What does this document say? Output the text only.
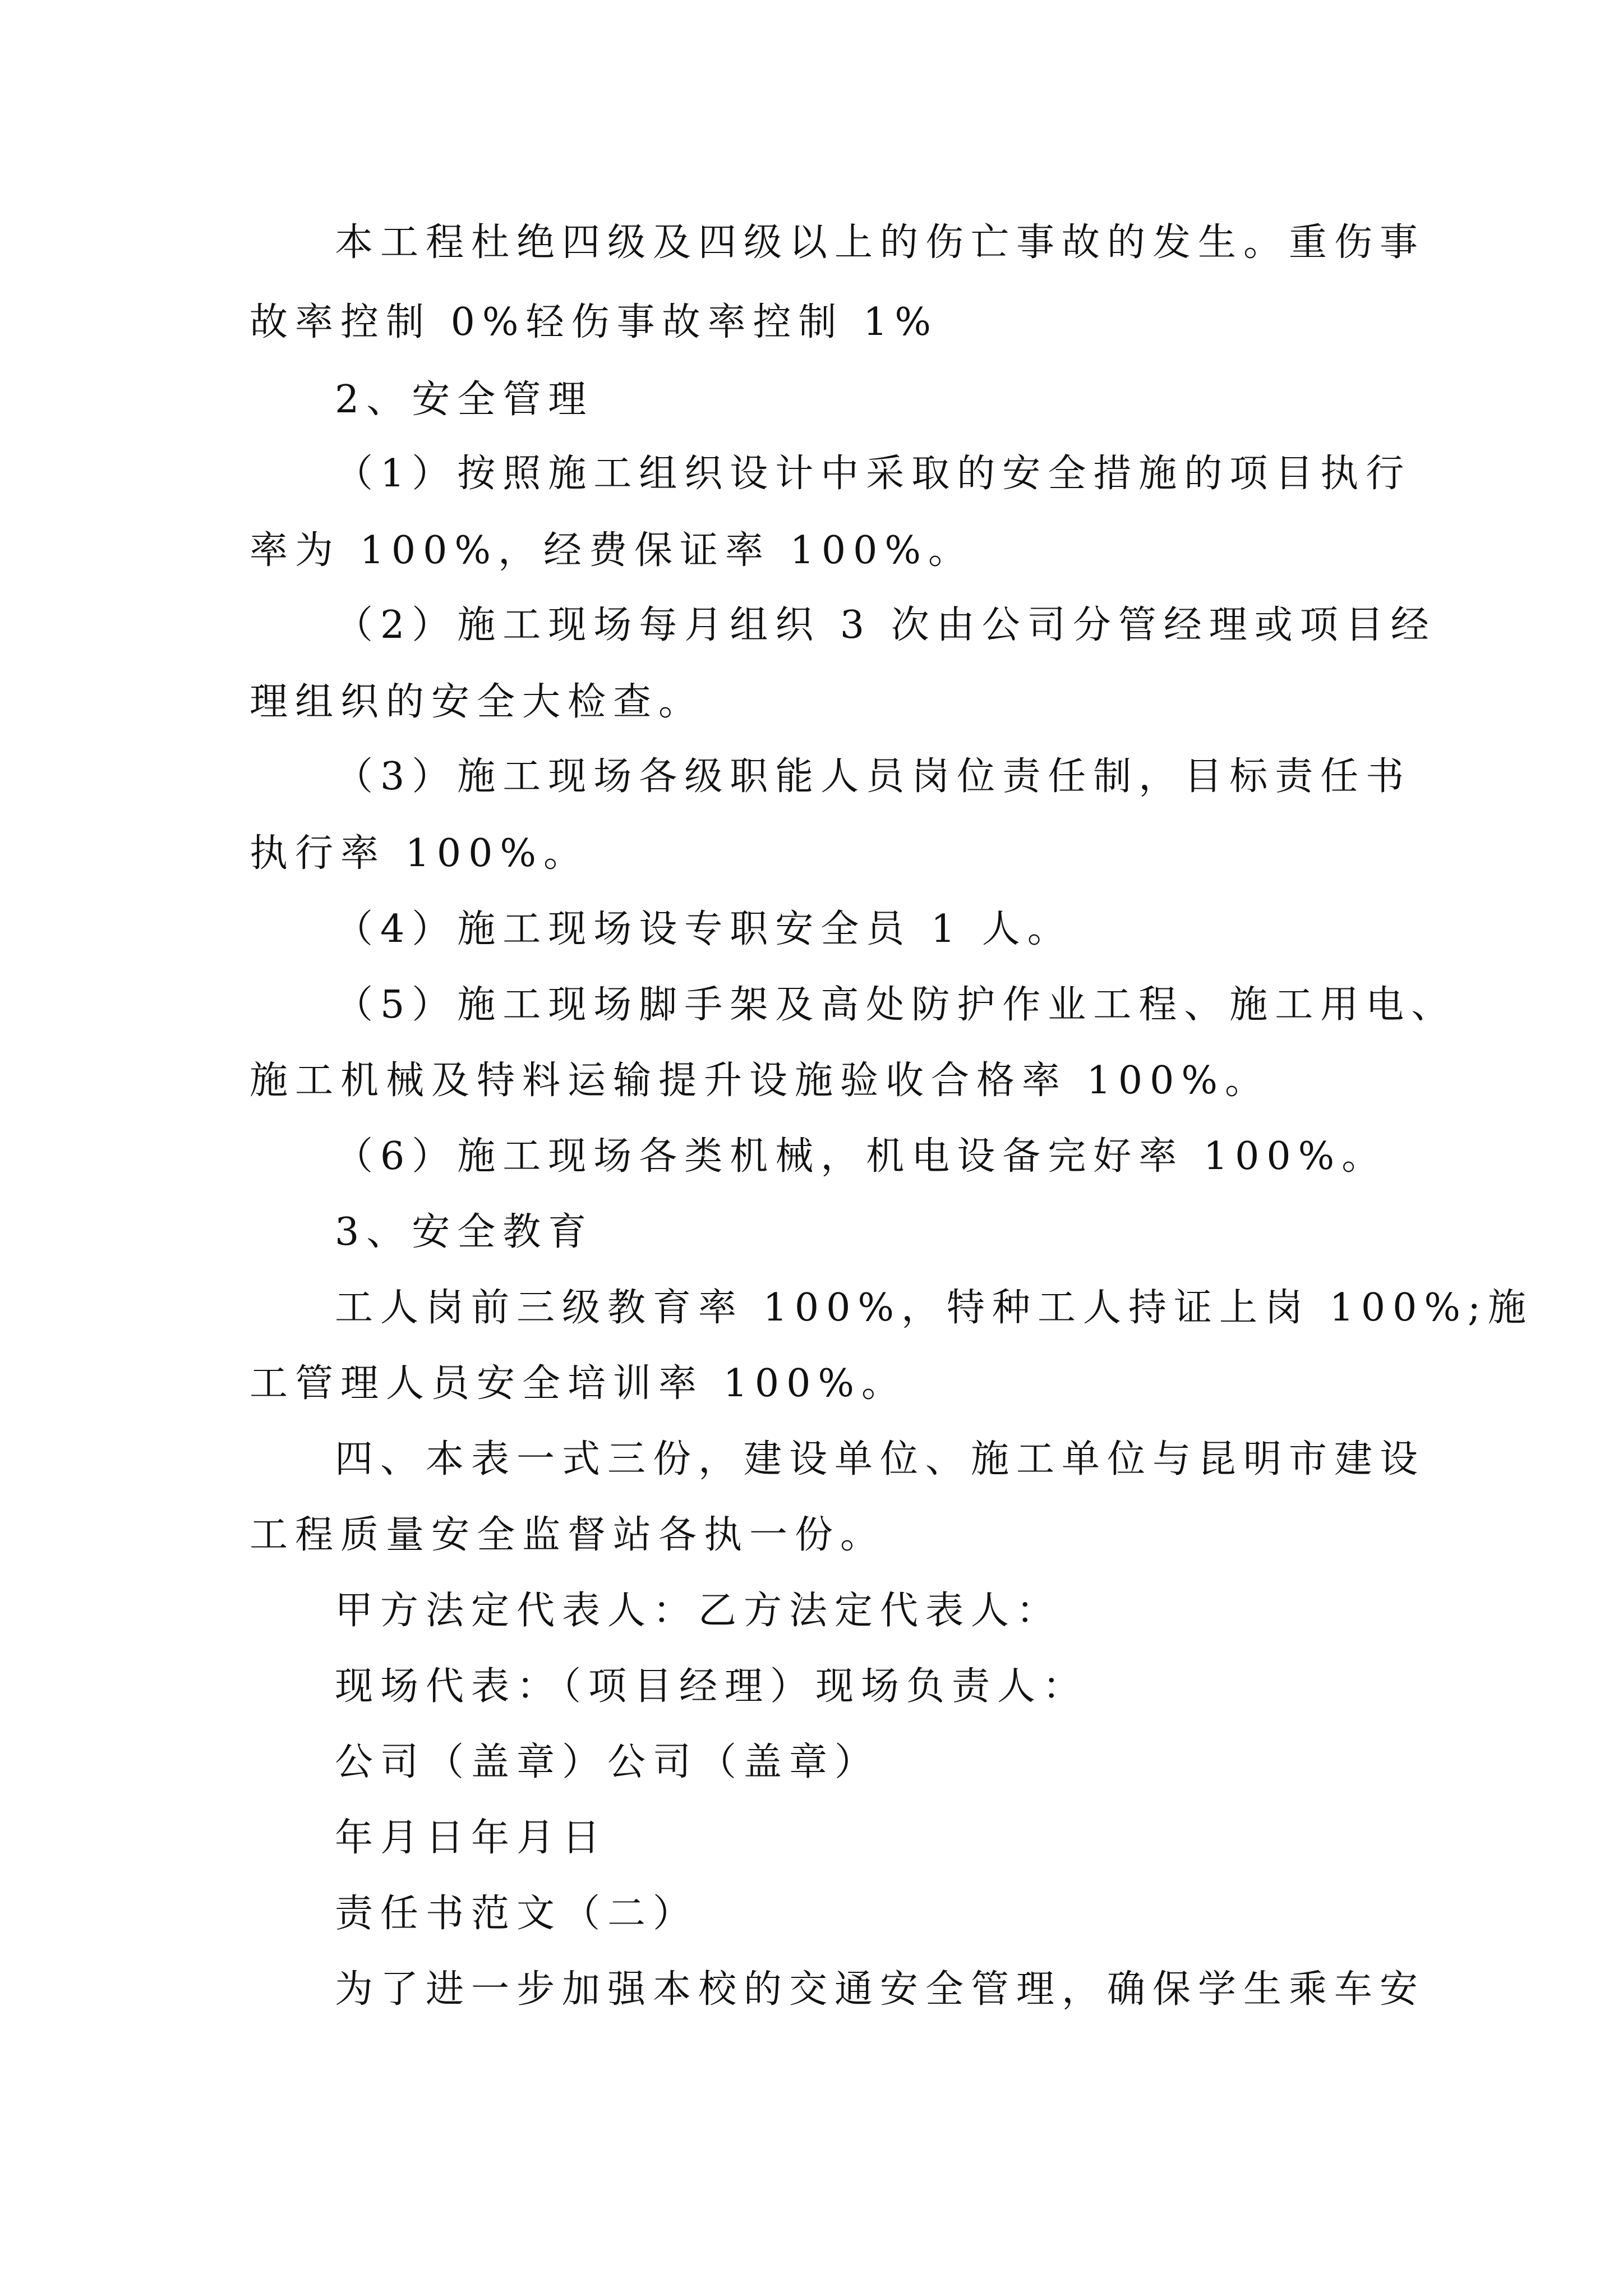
本工程杜绝四级及四级以上的伤亡事故的发生。重伤事
故率控制 0%轻伤事故率控制 1%
2、安全管理
（1）按照施工组织设计中采取的安全措施的项目执行
率为 100%，经费保证率 100%。
（2）施工现场每月组织 3 次由公司分管经理或项目经
理组织的安全大检查。
（3）施工现场各级职能人员岗位责任制，目标责任书
执行率 100%。
（4）施工现场设专职安全员 1 人。
（5）施工现场脚手架及高处防护作业工程、施工用电、
施工机械及特料运输提升设施验收合格率 100%。
（6）施工现场各类机械，机电设备完好率 100%。
3、安全教育
工人岗前三级教育率 100%，特种工人持证上岗 100%;施
工管理人员安全培训率 100%。
四、本表一式三份，建设单位、施工单位与昆明市建设
工程质量安全监督站各执一份。
甲方法定代表人：乙方法定代表人：
现场代表：（项目经理）现场负责人：
公司（盖章）公司（盖章）
年月日年月日
责任书范文（二）
为了进一步加强本校的交通安全管理，确保学生乘车安
